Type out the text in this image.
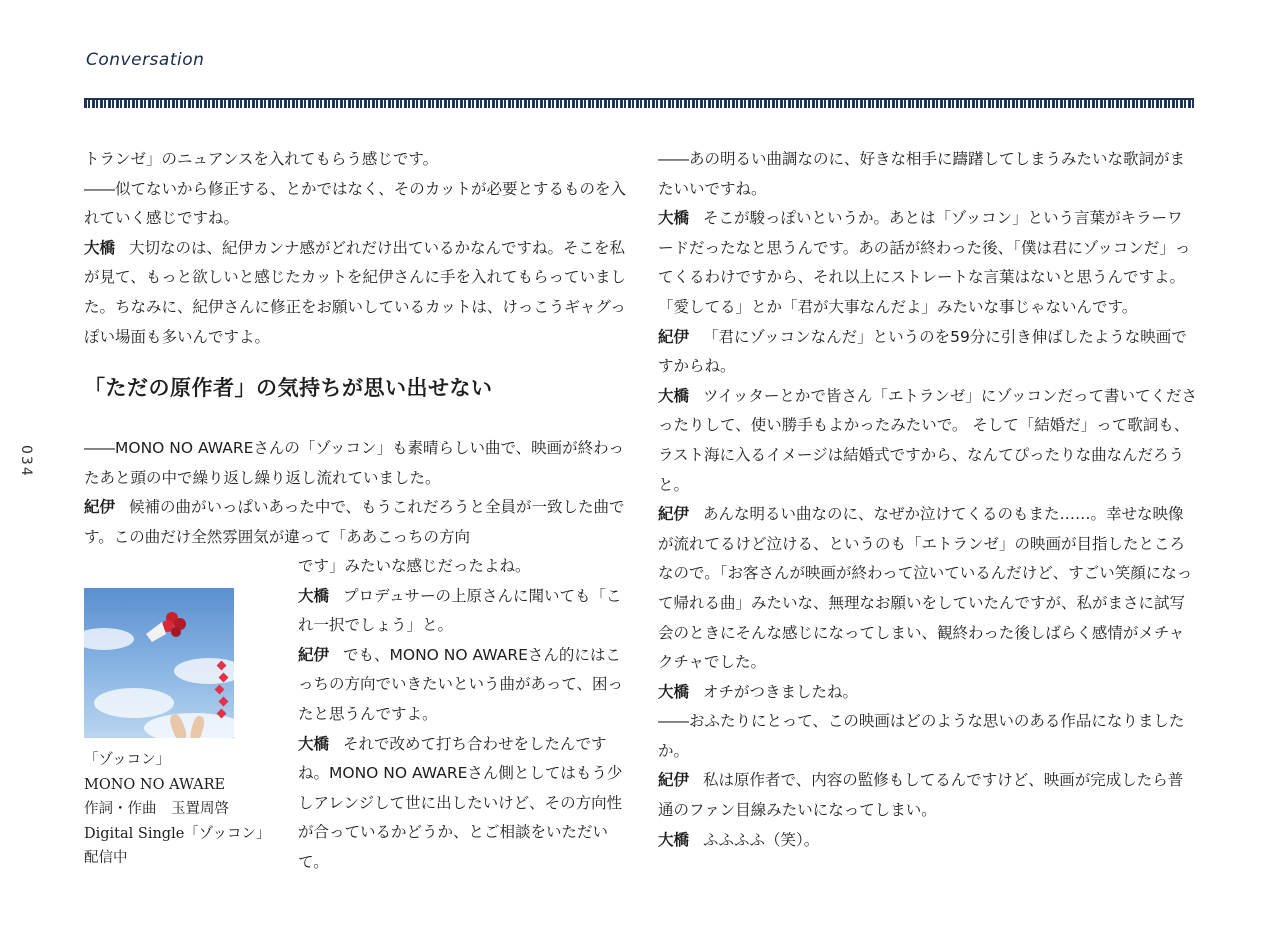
Conversation
034

トランゼ」のニュアンスを入れてもらう感じです。

――似てないから修正する、とかではなく、そのカットが必要とするものを入れていく感じですね。

大橋 大切なのは、紀伊カンナ感がどれだけ出ているかなんですね。そこを私が見て、もっと欲しいと感じたカットを紀伊さんに手を入れてもらっていました。ちなみに、紀伊さんに修正をお願いしているカットは、けっこうギャグっぽい場面も多いんですよ。

「ただの原作者」の気持ちが思い出せない

――MONO NO AWAREさんの「ゾッコン」も素晴らしい曲で、映画が終わったあと頭の中で繰り返し繰り返し流れていました。

紀伊 候補の曲がいっぱいあった中で、もうこれだろうと全員が一致した曲です。この曲だけ全然雰囲気が違って「ああこっちの方向

です」みたいな感じだったよね。

大橋 プロデュサーの上原さんに聞いても「これ一択でしょう」と。

紀伊 でも、MONO NO AWAREさん的にはこっちの方向でいきたいという曲があって、困ったと思うんですよ。

大橋 それで改めて打ち合わせをしたんですね。MONO NO AWAREさん側としてはもう少しアレンジして世に出したいけど、その方向性が合っているかどうか、とご相談をいただいて。

「ゾッコン」
MONO NO AWARE
作詞・作曲　玉置周啓
Digital Single「ゾッコン」
配信中

――あの明るい曲調なのに、好きな相手に躊躇してしまうみたいな歌詞がまたいいですね。

大橋 そこが駿っぽいというか。あとは「ゾッコン」という言葉がキラーワードだったなと思うんです。あの話が終わった後、「僕は君にゾッコンだ」ってくるわけですから、それ以上にストレートな言葉はないと思うんですよ。「愛してる」とか「君が大事なんだよ」みたいな事じゃないんです。

紀伊 「君にゾッコンなんだ」というのを59分に引き伸ばしたような映画ですからね。

大橋 ツイッターとかで皆さん「エトランゼ」にゾッコンだって書いてくださったりして、使い勝手もよかったみたいで。 そして「結婚だ」って歌詞も、ラスト海に入るイメージは結婚式ですから、なんてぴったりな曲なんだろうと。

紀伊 あんな明るい曲なのに、なぜか泣けてくるのもまた……。幸せな映像が流れてるけど泣ける、というのも「エトランゼ」の映画が目指したところなので。「お客さんが映画が終わって泣いているんだけど、すごい笑顔になって帰れる曲」みたいな、無理なお願いをしていたんですが、私がまさに試写会のときにそんな感じになってしまい、観終わった後しばらく感情がメチャクチャでした。

大橋 オチがつきましたね。

――おふたりにとって、この映画はどのような思いのある作品になりましたか。

紀伊 私は原作者で、内容の監修もしてるんですけど、映画が完成したら普通のファン目線みたいになってしまい。

大橋 ふふふふ（笑）。
